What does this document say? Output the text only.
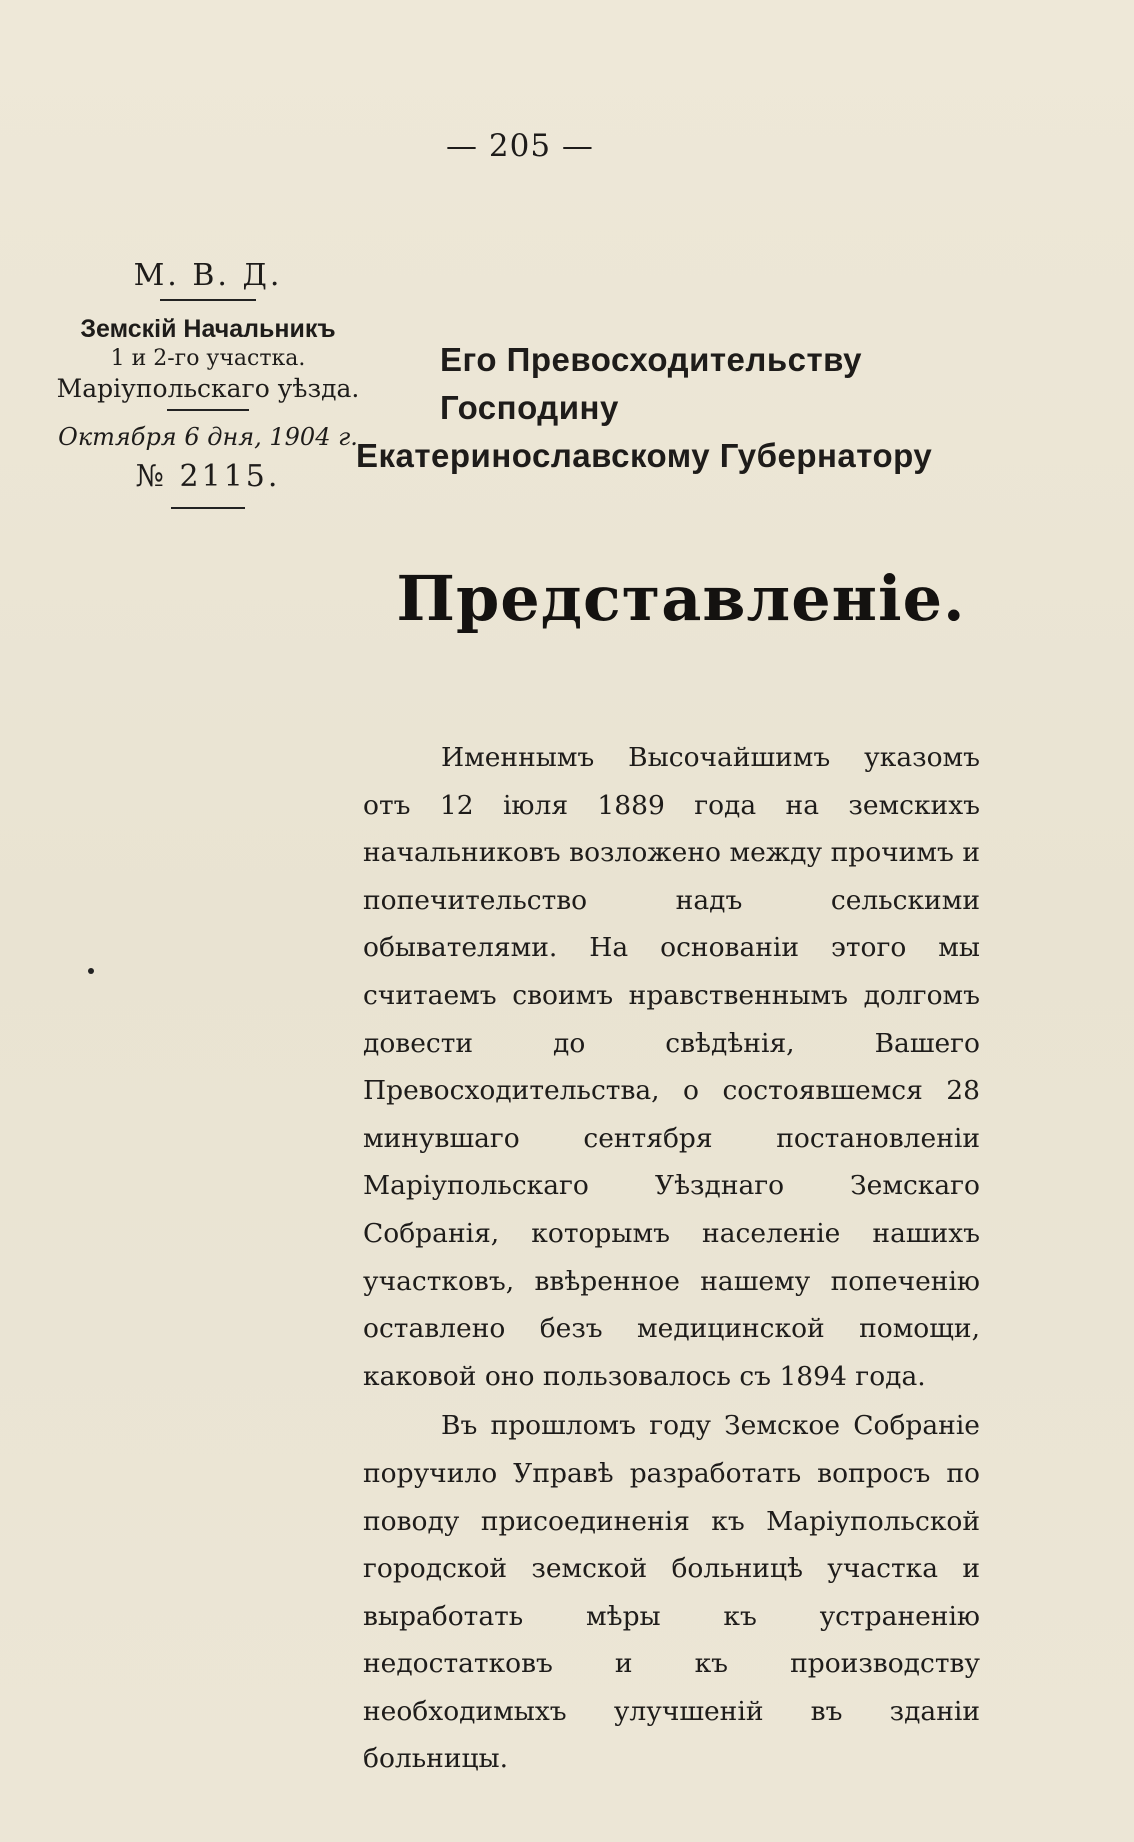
— 205 —
М. В. Д.
Земскій Начальникъ
1 и 2-го участка.
Маріупольскаго уѣзда.
Октября 6 дня, 1904 г.
№ 2115.
Его Превосходительству Господину
Екатеринославскому Губернатору
Представленіе.

Именнымъ Высочайшимъ указомъ отъ 12 іюля 1889 года на земскихъ начальниковъ возложено между прочимъ и попечительство надъ сельскими обывателями. На основаніи этого мы считаемъ своимъ нравственнымъ долгомъ довести до свѣдѣнія, Вашего Превосходительства, о состоявшемся 28 минувшаго сентября постановленіи Маріупольскаго Уѣзднаго Земскаго Собранія, которымъ населеніе нашихъ участковъ, ввѣренное нашему попеченію оставлено безъ медицинской помощи, каковой оно пользовалось съ 1894 года.

Въ прошломъ году Земское Собраніе поручило Управѣ разработать вопросъ по поводу присоединенія къ Маріупольской городской земской больницѣ участка и выработать мѣры къ устраненію недостатковъ и къ производству необходимыхъ улучшеній въ зданіи больницы.
